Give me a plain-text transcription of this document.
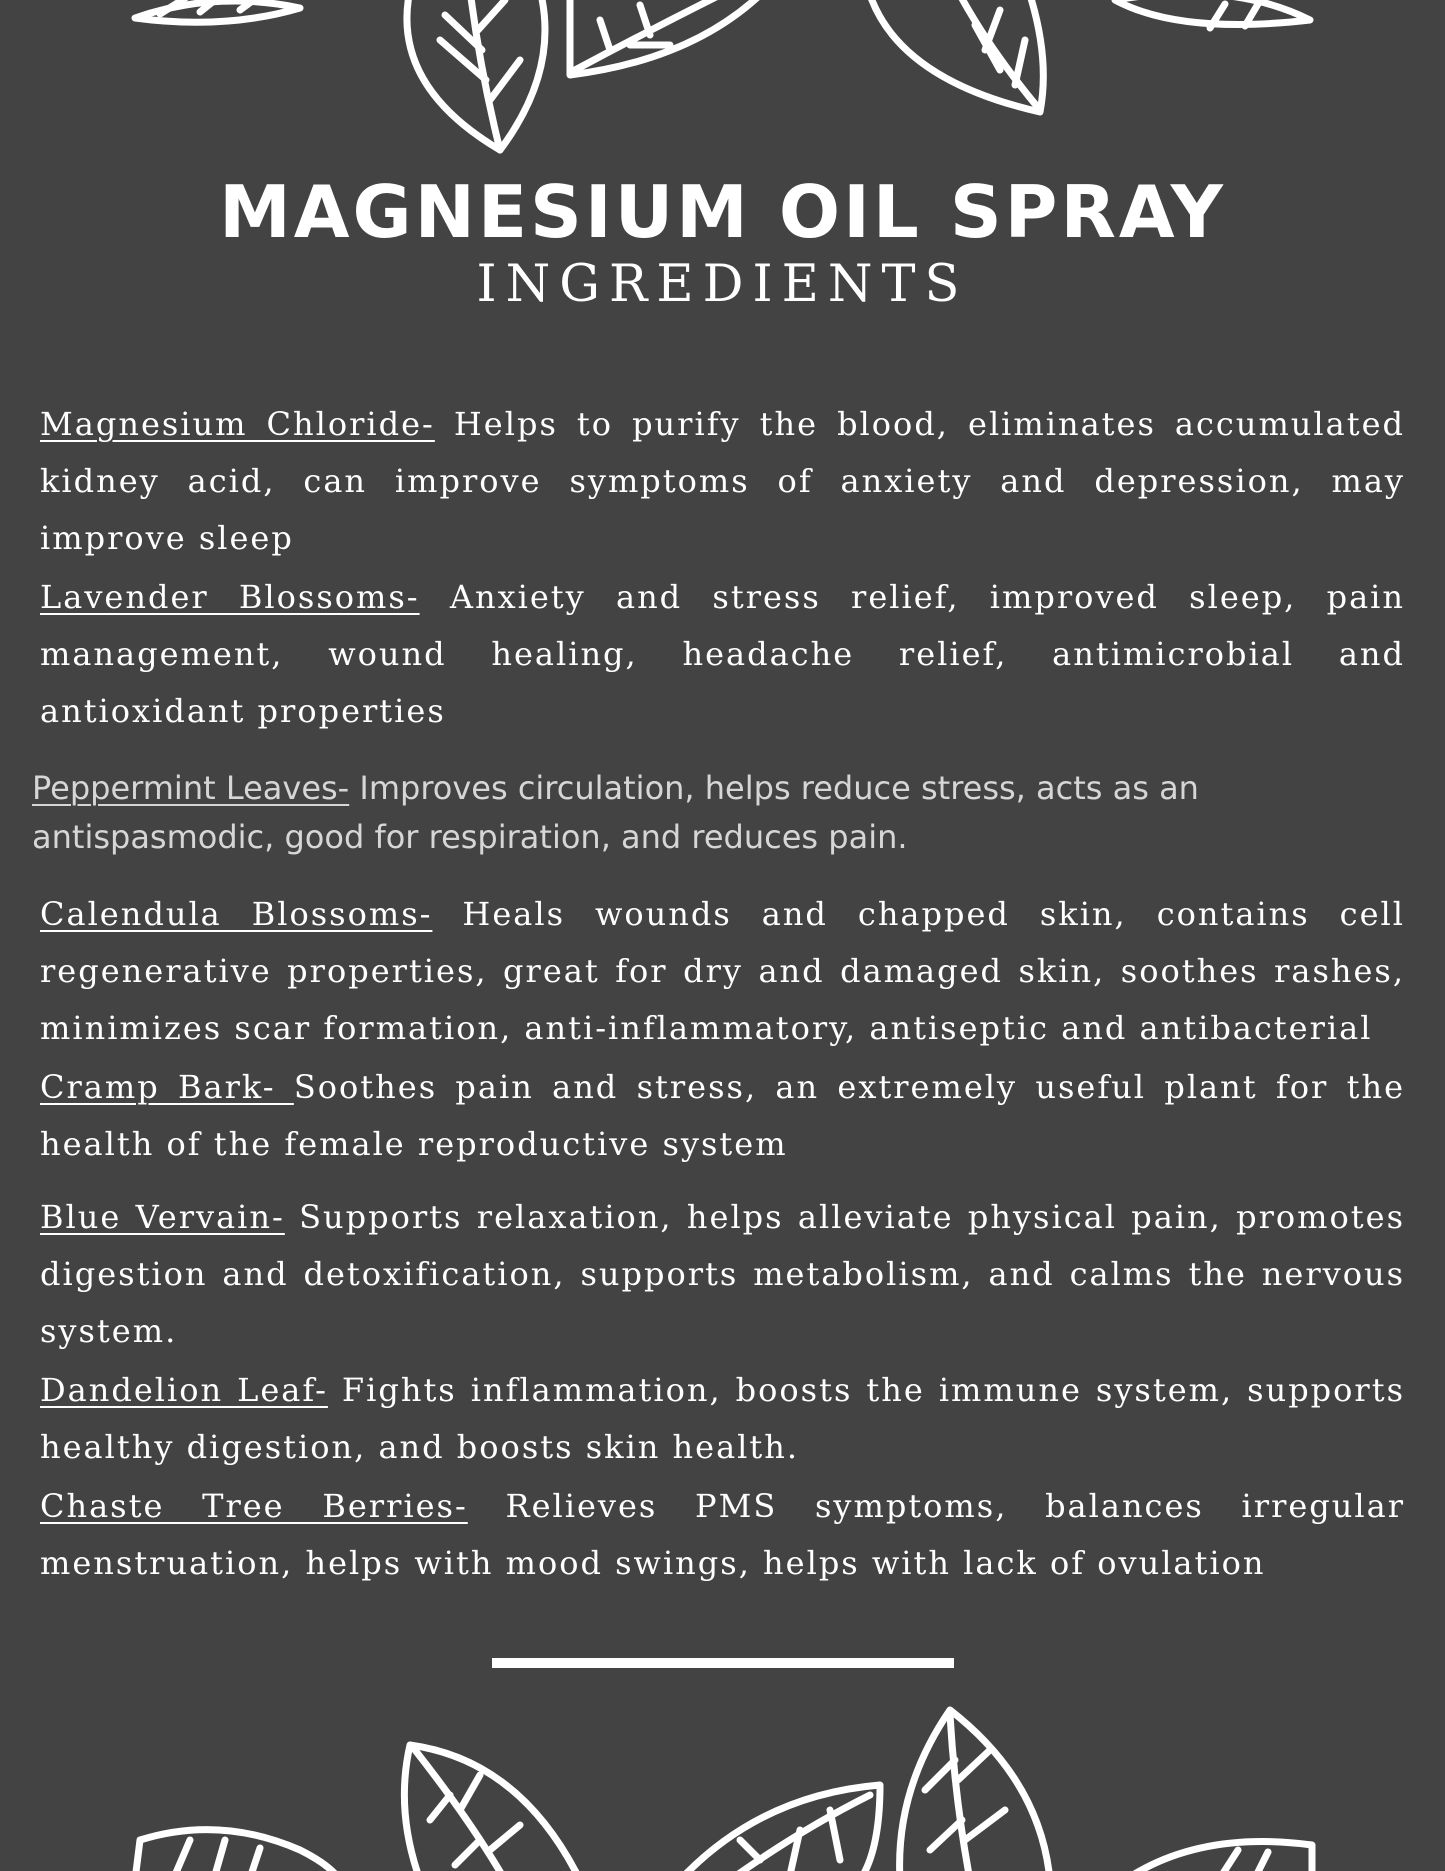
MAGNESIUM OIL SPRAY
INGREDIENTS

Magnesium Chloride- Helps to purify the blood, eliminates accumulated kidney acid, can improve symptoms of anxiety and depression, may improve sleep

Lavender Blossoms- Anxiety and stress relief, improved sleep, pain management, wound healing, headache relief, antimicrobial and antioxidant properties

Peppermint Leaves- Improves circulation, helps reduce stress, acts as an antispasmodic, good for respiration, and reduces pain.

Calendula Blossoms- Heals wounds and chapped skin, contains cell regenerative properties, great for dry and damaged skin, soothes rashes, minimizes scar formation, anti-inflammatory, antiseptic and antibacterial

Cramp Bark- Soothes pain and stress, an extremely useful plant for the health of the female reproductive system

Blue Vervain- Supports relaxation, helps alleviate physical pain, promotes digestion and detoxification, supports metabolism, and calms the nervous system.

Dandelion Leaf- Fights inflammation, boosts the immune system, supports healthy digestion, and boosts skin health.

Chaste Tree Berries- Relieves PMS symptoms, balances irregular menstruation, helps with mood swings, helps with lack of ovulation
